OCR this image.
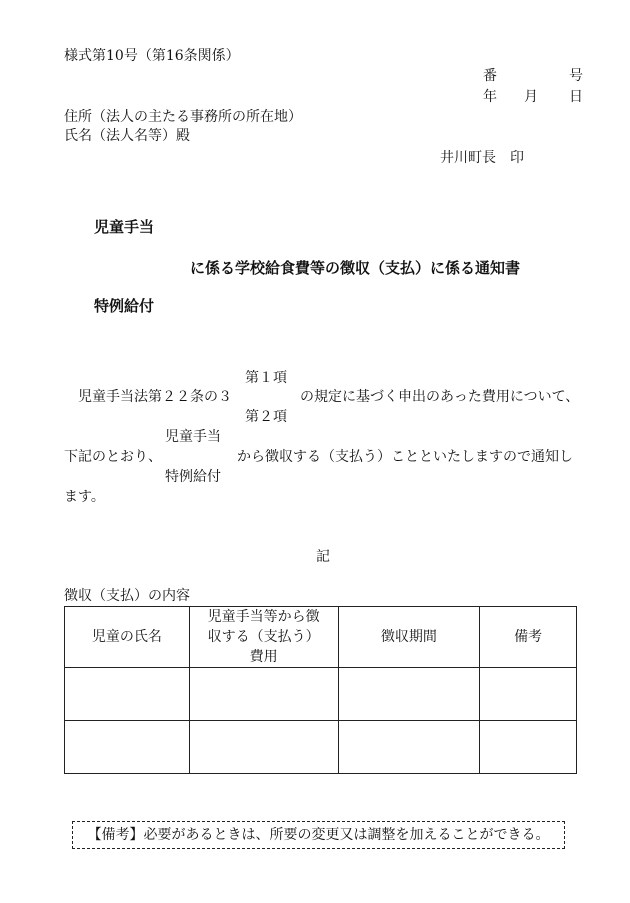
様式第10号（第16条関係）
番	号
年 月 日
住所（法人の主たる事務所の所在地）
氏名（法人名等）殿
井川町長　印
児童手当
に係る学校給食費等の徴収（支払）に係る通知書
特例給付
第１項
児童手当法第２２条の３	の規定に基づく申出のあった費用について、
第２項
児童手当
下記のとおり、	から徴収する（支払う）ことといたしますので通知し
特例給付
ます。
記
徴収（支払）の内容
児童の氏名	児童手当等から徴収する（支払う）費用	徴収期間	備考

【備考】必要があるときは、所要の変更又は調整を加えることができる。
